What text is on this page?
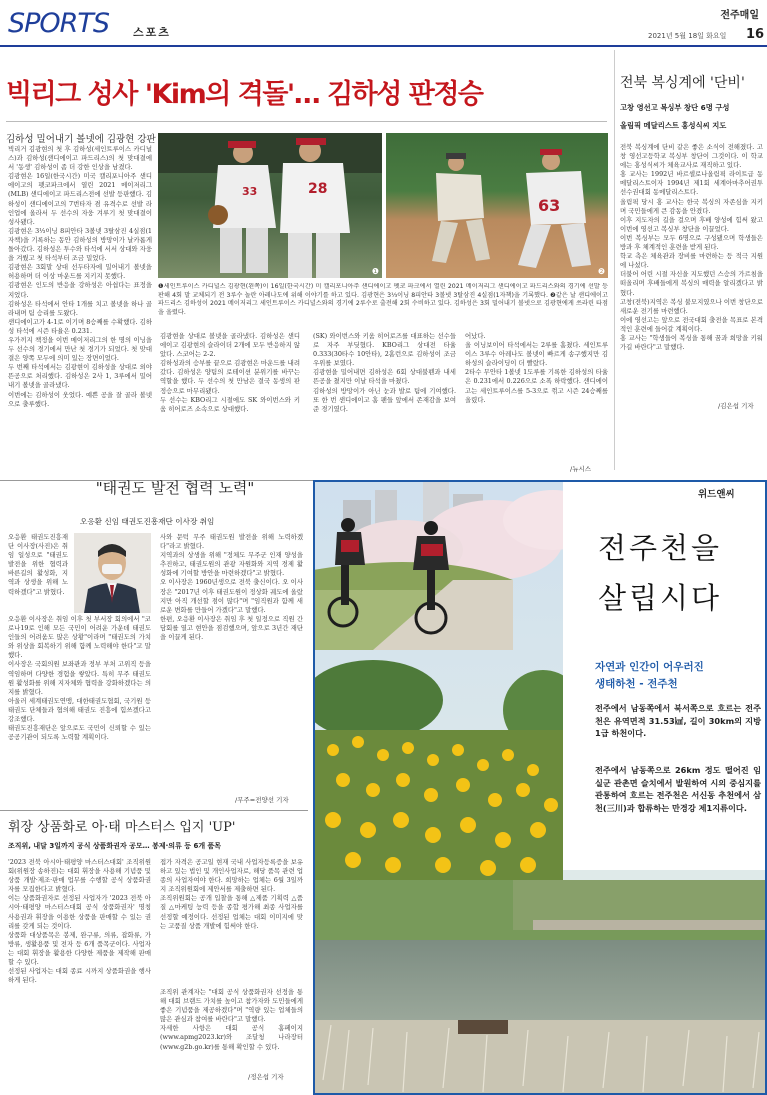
SPORTS 스포츠
전주매일
2021년 5월 18일 화요일 16
빅리그 성사 'Kim의 격돌'… 김하성 판정승
김하성 밀어내기 볼넷에 김광현 강판
28
33
❶
63
❷
❶세인트루이스 카디널스 김광현(왼쪽)이 16일(한국시간) 미 캘리포니아주 샌디에이고 펫코 파크에서 열린 2021 메이저리그 샌디에이고 파드리스와의 경기에 선발 등판해 4회 말 교체되기 전 3루수 놀란 아레나도에 위해 이야기를 하고 있다. 김광현은 3⅓이닝 8피안타 3볼넷 3탈삼진 4실점(1자책)을 기록했다. ❷같은 날 샌디에이고 파드리스 김하성이 2021 메이저리그 세인트루이스 카디널스와의 경기에 2루수로 출전해 2회 수비하고 있다. 김하성은 3회 밀어내기 볼넷으로 김광현에게 쓰라린 타점을 올렸다.
빅리거 김광현의 첫 후 김하성(세인트루이스 카디널스)과 김하성(샌디에이고 파드리스)의 첫 맞대결에서 '동생' 김하성이 좀 더 강한 인상을 남겼다.
김광현은 16일(한국시간) 미국 캘리포니아주 샌디에이고의 펫코파크에서 열린 2021 메이저리그(MLB) 샌디에이고 파드리스전에 선발 등판했다. 김하성이 샌디에이고의 7번타자 겸 유격수로 선발 라인업에 올라서 두 선수의 자웅 겨루기 첫 맞대결이 성사됐다.
김광현은 3⅓이닝 8피안타 3볼넷 3탈삼진 4실점(1자책)을 기록하는 동안 김하성의 방망이가 날카롭게 돌아갔다. 김하성은 투수와 타석에 서서 상대와 자웅을 겨뤘고 첫 타석부터 조금 밀었다.
김광현은 3회말 상대 선두타자에 밀어내기 볼넷을 허용하며 더 이상 마운드를 지키지 못했다.
김광현은 인도의 반응을 강하성은 아쉽다는 표정을 지었다.
김하성은 타석에서 안타 1개를 치고 볼넷을 하나 골라내며 팀 승리를 도왔다.

샌디에이고가 4-1로 이기며 8승째를 수확했다. 김하성 타석에 시즌 타율은 0.231.
우가끼지 책정을 이번 메이저리그의 한 명의 이닝을 두 선수의 경기에서 만난 첫 경기가 되었다. 첫 맞대결은 양쪽 모두에 의미 있는 장면이었다.
두 번째 타석에서는 김광현이 김하성을 상대로 외야 뜬공으로 처리했다. 김하성은 2사 1, 3루에서 밀어내기 볼넷을 골라냈다.
이번에는 김하성이 웃었다. 예쁜 공을 잘 골라 볼넷으로 출루했다.
김광현을 상대로 볼넷을 골라냈다. 김하성은 샌디에이고 김광현의 슬라이더 2개에 모두 반응하지 않았다. 스코어는 2-2.
김하성과의 승부를 끝으로 김광현은 마운드를 내려갔다. 김하성은 양팀의 로테이션 분위기를 바꾸는 역할을 했다. 두 선수의 첫 만남은 결국 동생의 판정승으로 마무리됐다.
두 선수는 KBO리그 시절에도 SK 와이번스와 키움 히어로즈 소속으로 상대했다.
(SK) 와이번스와 키움 히어로즈를 대표하는 선수들로 자주 부딪혔다. KBO리그 상대전 타율 0.333(30타수 10안타), 2홈런으로 김하성이 조금 우위를 보였다.
김광현을 밀어내면 김하성은 6회 상대불펜과 내세 뜬공을 쳤지만 이날 타석을 마쳤다.
김하성의 방망이가 아닌 눈과 발로 팀에 기여했다. 또 한 번 샌디에이고 홈 팬들 앞에서 존재감을 보여준 경기였다.
어났다.
올 이닝보이어 타석에서는 2루를 훔쳤다. 세인트루이스 3루수 아레나도 볼넷이 빠르게 송구했지만 김하성의 슬라이딩이 더 빨랐다.
2타수 무안타 1볼넷 1도루를 기록한 김하성의 타율은 0.231에서 0.226으로 소폭 하락했다. 샌디에이고는 세인트루이스를 5-3으로 꺾고 시즌 24승째를 올렸다.
/뉴시스
전북 복싱계에 '단비'
고창 영선고 복싱부 창단 6명 구성
올림픽 메달리스트 홍성식씨 지도
전북 복싱계에 단비 같은 좋은 소식이 전해졌다. 고창 영선고등학교 복싱부 창단이 그것이다. 이 학교에는 홍성식씨가 체육교사로 재직하고 있다.
홍 교사는 1992년 바르셀로나올림픽 라이트급 동메달리스트이자 1994년 제1회 세계아마추어권투선수권대회 동메달리스트다.
올림픽 당시 홍 교사는 한국 복싱의 자존심을 지키며 국민들에게 큰 감동을 안겼다.
이후 지도자의 길을 걸으며 후배 양성에 힘써 왔고 이번에 영선고 복싱부 창단을 이끌었다.
이번 복싱부는 모두 6명으로 구성됐으며 학생들은 방과 후 체계적인 훈련을 받게 된다.
학교 측은 체육관과 장비를 마련하는 등 적극 지원에 나섰다.
더불어 어린 시절 자신을 지도했던 스승의 가르침을 떠올리며 후배들에게 복싱의 매력을 알리겠다고 밝혔다.
고창(전북)지역은 복싱 불모지였으나 이번 창단으로 새로운 전기를 마련했다.
이에 영선고는 앞으로 전국대회 출전을 목표로 본격적인 훈련에 들어갈 계획이다.
홍 교사는 "학생들이 복싱을 통해 꿈과 희망을 키워 가길 바란다"고 말했다.
/김은섭 기자
"태권도 발전 협력 노력"
오응환 신임 태권도진흥재단 이사장 취임
오응환 태권도진흥재단 이사장(사진)은 취임 일성으로 "태권도 발전을 위한 협력과 바른길의 활성화, 지역과 상생을 위해 노력하겠다"고 밝혔다.
오응환 이사장은 취임 이후 첫 부서장 회의에서 "코로나19로 인해 모든 국민이 어려운 가운데 태권도인들의 어려움도 많은 상황"이라며 "태권도의 가치와 위상을 회복하기 위해 함께 노력해야 한다"고 말했다.
이사장은 국회의원 보좌관과 정부 부처 고위직 등을 역임하며 다양한 경험을 쌓았다. 특히 무주 태권도원 활성화를 위해 지자체와 협력을 강화하겠다는 의지를 밝혔다.
아울러 세계태권도연맹, 대한태권도협회, 국기원 등 태권도 단체들과 협의해 태권도 진흥에 힘쓰겠다고 강조했다.
태권도진흥재단은 앞으로도 국민이 신뢰할 수 있는 공공기관이 되도록 노력할 계획이다.
사와 문턱 무주 태권도원 발전을 위해 노력하겠다"라고 밝혔다.
지역과의 상생을 위해 "정체도 무주군 인재 양성을 추진하고, 태권도원의 관광 자원화와 지역 경제 활성화에 기여할 방안을 마련하겠다"고 밝혔다.
오 이사장은 1960년생으로 전북 출신이다. 오 이사장은 "2017년 이후 태권도원이 정상화 궤도에 올랐지만 아직 개선할 점이 많다"며 "임직원과 함께 새로운 변화를 만들어 가겠다"고 말했다.
한편, 오응환 이사장은 취임 후 첫 일정으로 직원 간담회를 열고 현안을 점검했으며, 앞으로 3년간 재단을 이끌게 된다.
/무주=전양선 기자
휘장 상품화로 아·태 마스터스 입지 'UP'
조직위, 내달 3일까지 공식 상품화권자 공모… 봉제·의류 등 6개 품목
'2023 전북 아시아·태평양 마스터스대회' 조직위원회(위원장 송하진)는 대회 휘장을 사용해 기념품 및 상품 개발·제조·판매 업무를 수행할 공식 상품화권자를 모집한다고 밝혔다.
이는 상품화권자로 선정된 사업자가 '2023 전북 아시아·태평양 마스터스대회 공식 상품화권자' 명칭 사용권과 휘장을 이용한 상품을 판매할 수 있는 권리를 갖게 되는 것이다.
상품화 대상품목은 봉제, 완구류, 의류, 잡화류, 가방류, 생활용품 및 전자 등 6개 품목군이다. 사업자는 대회 휘장을 활용한 다양한 제품을 제작해 판매할 수 있다.
선정된 사업자는 대회 종료 시까지 상품화권을 행사하게 된다.
접가 자격은 공고일 현재 국내 사업자등록증을 보유하고 있는 법인 및 개인사업자로, 해당 품목 관련 업종의 사업자여야 한다. 희망하는 업체는 6월 3일까지 조직위원회에 제안서를 제출하면 된다.
조직위원회는 공개 입찰을 통해 △제품 기획력 △품질 △마케팅 능력 등을 종합 평가해 최종 사업자를 선정할 예정이다. 선정된 업체는 대회 이미지에 맞는 고품질 상품 개발에 힘써야 한다.
조직위 관계자는 "대회 공식 상품화권자 선정을 통해 대회 브랜드 가치를 높이고 참가자와 도민들에게 좋은 기념품을 제공하겠다"며 "역량 있는 업체들의 많은 관심과 참여를 바란다"고 말했다.
자세한 사항은 대회 공식 홈페이지(www.apmg2023.kr)와 조달청 나라장터(www.g2b.go.kr)를 통해 확인할 수 있다.
/정은섭 기자
위드앤씨
전주천을
살립시다
자연과 인간이 어우러진
생태하천 - 전주천
전주에서 남동쪽에서 북서쪽으로 흐르는 전주천은 유역면적 31.53㎢, 길이 30km의 지방 1급 하천이다.
전주에서 남동쪽으로 26km 정도 떨어진 임실군 관촌면 슬치에서 발원하여 시의 중심지를 관통하여 흐르는 전주천은 서신동 추천에서 삼천(三川)과 합류하는 만경강 제1지류이다.
